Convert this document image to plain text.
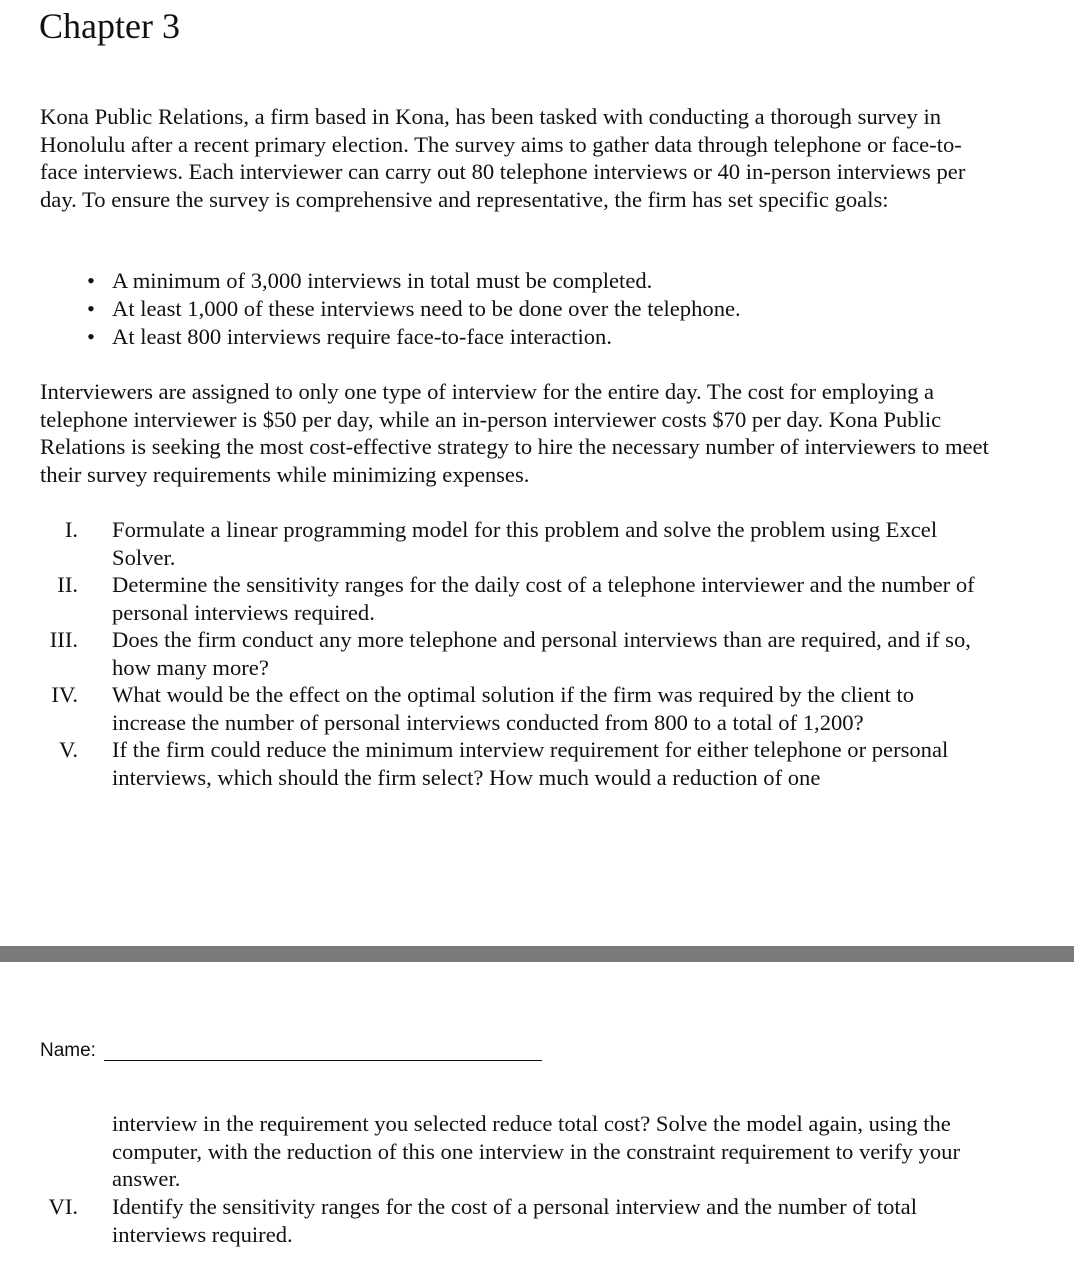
Chapter 3

Kona Public Relations, a firm based in Kona, has been tasked with conducting a thorough survey in Honolulu after a recent primary election. The survey aims to gather data through telephone or face-to-face interviews. Each interviewer can carry out 80 telephone interviews or 40 in-person interviews per day. To ensure the survey is comprehensive and representative, the firm has set specific goals:

• A minimum of 3,000 interviews in total must be completed.
• At least 1,000 of these interviews need to be done over the telephone.
• At least 800 interviews require face-to-face interaction.

Interviewers are assigned to only one type of interview for the entire day. The cost for employing a telephone interviewer is $50 per day, while an in-person interviewer costs $70 per day. Kona Public Relations is seeking the most cost-effective strategy to hire the necessary number of interviewers to meet their survey requirements while minimizing expenses.

I. Formulate a linear programming model for this problem and solve the problem using Excel Solver.
II. Determine the sensitivity ranges for the daily cost of a telephone interviewer and the number of personal interviews required.
III. Does the firm conduct any more telephone and personal interviews than are required, and if so, how many more?
IV. What would be the effect on the optimal solution if the firm was required by the client to increase the number of personal interviews conducted from 800 to a total of 1,200?
V. If the firm could reduce the minimum interview requirement for either telephone or personal interviews, which should the firm select? How much would a reduction of one
Name:

interview in the requirement you selected reduce total cost? Solve the model again, using the computer, with the reduction of this one interview in the constraint requirement to verify your answer.

VI. Identify the sensitivity ranges for the cost of a personal interview and the number of total interviews required.
